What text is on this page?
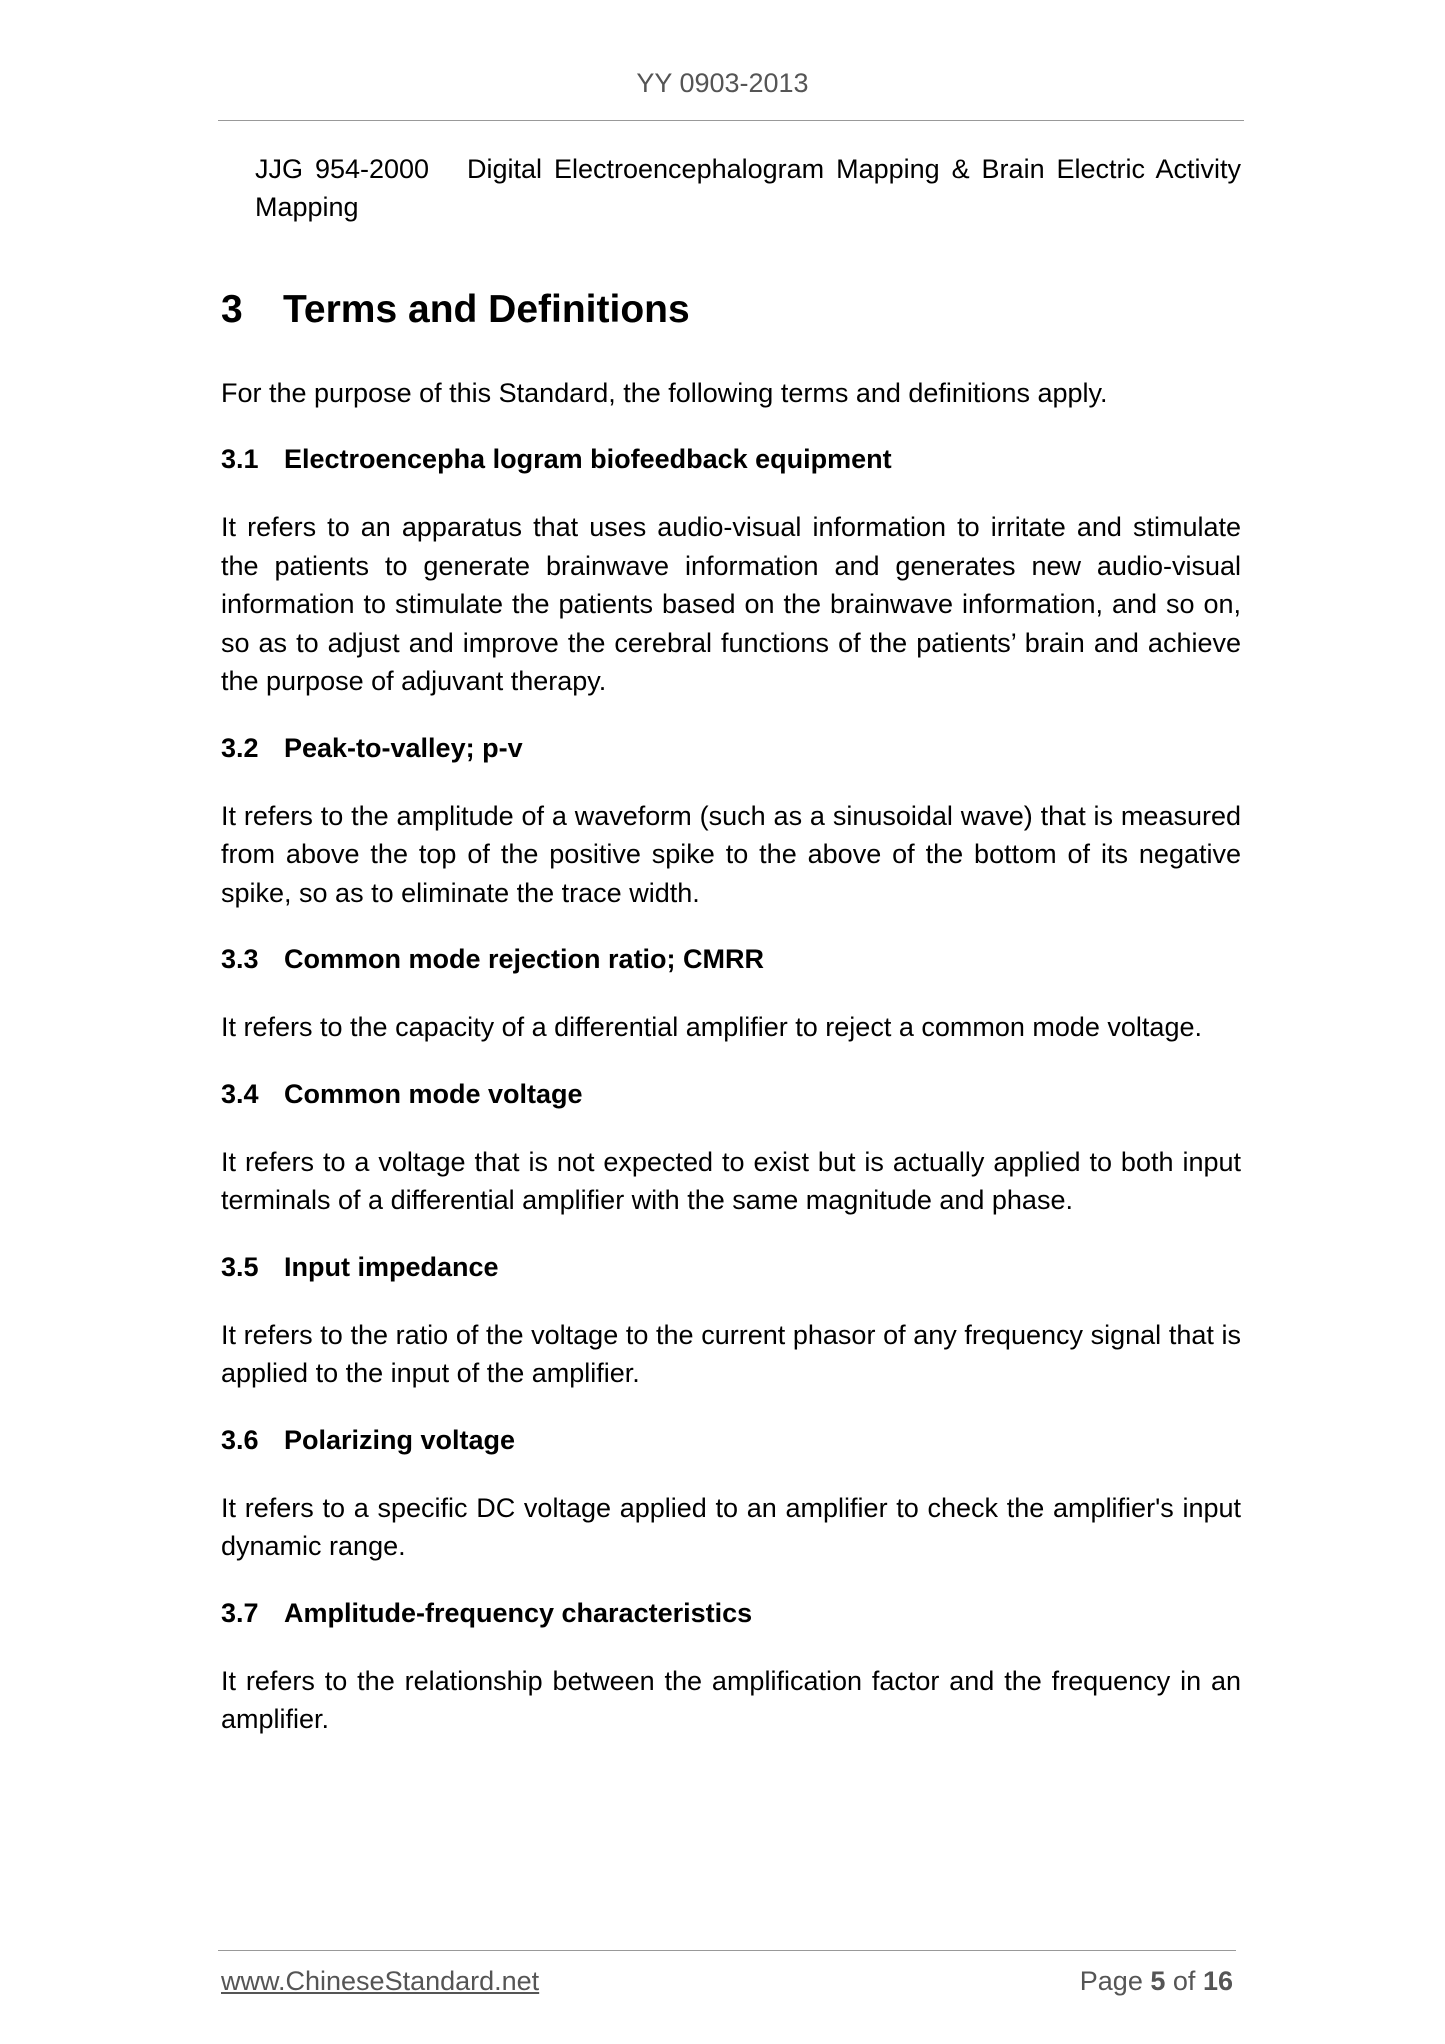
YY 0903-2013
JJG 954-2000 Digital Electroencephalogram Mapping & Brain Electric Activity Mapping
3 Terms and Definitions
For the purpose of this Standard, the following terms and definitions apply.
3.1 Electroencepha logram biofeedback equipment
It refers to an apparatus that uses audio-visual information to irritate and stimulate the patients to generate brainwave information and generates new audio-visual information to stimulate the patients based on the brainwave information, and so on, so as to adjust and improve the cerebral functions of the patients’ brain and achieve the purpose of adjuvant therapy.
3.2 Peak-to-valley; p-v
It refers to the amplitude of a waveform (such as a sinusoidal wave) that is measured from above the top of the positive spike to the above of the bottom of its negative spike, so as to eliminate the trace width.
3.3 Common mode rejection ratio; CMRR
It refers to the capacity of a differential amplifier to reject a common mode voltage.
3.4 Common mode voltage
It refers to a voltage that is not expected to exist but is actually applied to both input terminals of a differential amplifier with the same magnitude and phase.
3.5 Input impedance
It refers to the ratio of the voltage to the current phasor of any frequency signal that is applied to the input of the amplifier.
3.6 Polarizing voltage
It refers to a specific DC voltage applied to an amplifier to check the amplifier's input dynamic range.
3.7 Amplitude-frequency characteristics
It refers to the relationship between the amplification factor and the frequency in an amplifier.
www.ChineseStandard.net	Page 5 of 16
